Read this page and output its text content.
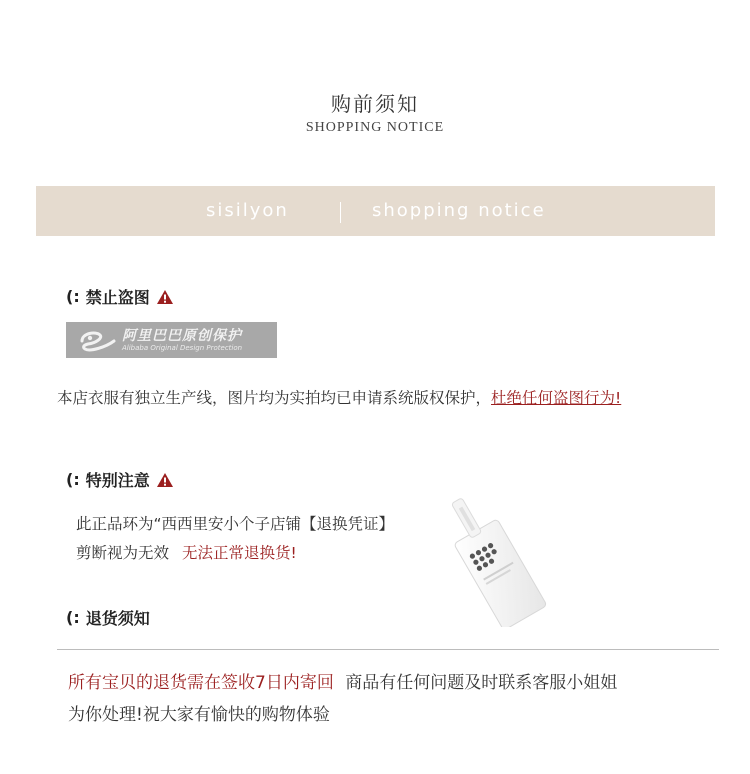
购前须知
SHOPPING NOTICE
sisilyon	shopping notice
(: 禁止盗图
阿里巴巴原创保护
Alibaba Original Design Protection
本店衣服有独立生产线，图片均为实拍均已申请系统版权保护，杜绝任何盗图行为!
(: 特别注意
此正品环为“西西里安小个子店铺【退换凭证】
剪断视为无效 无法正常退换货!
(: 退货须知
所有宝贝的退货需在签收7日内寄回 商品有任何问题及时联系客服小姐姐
为你处理!祝大家有愉快的购物体验
